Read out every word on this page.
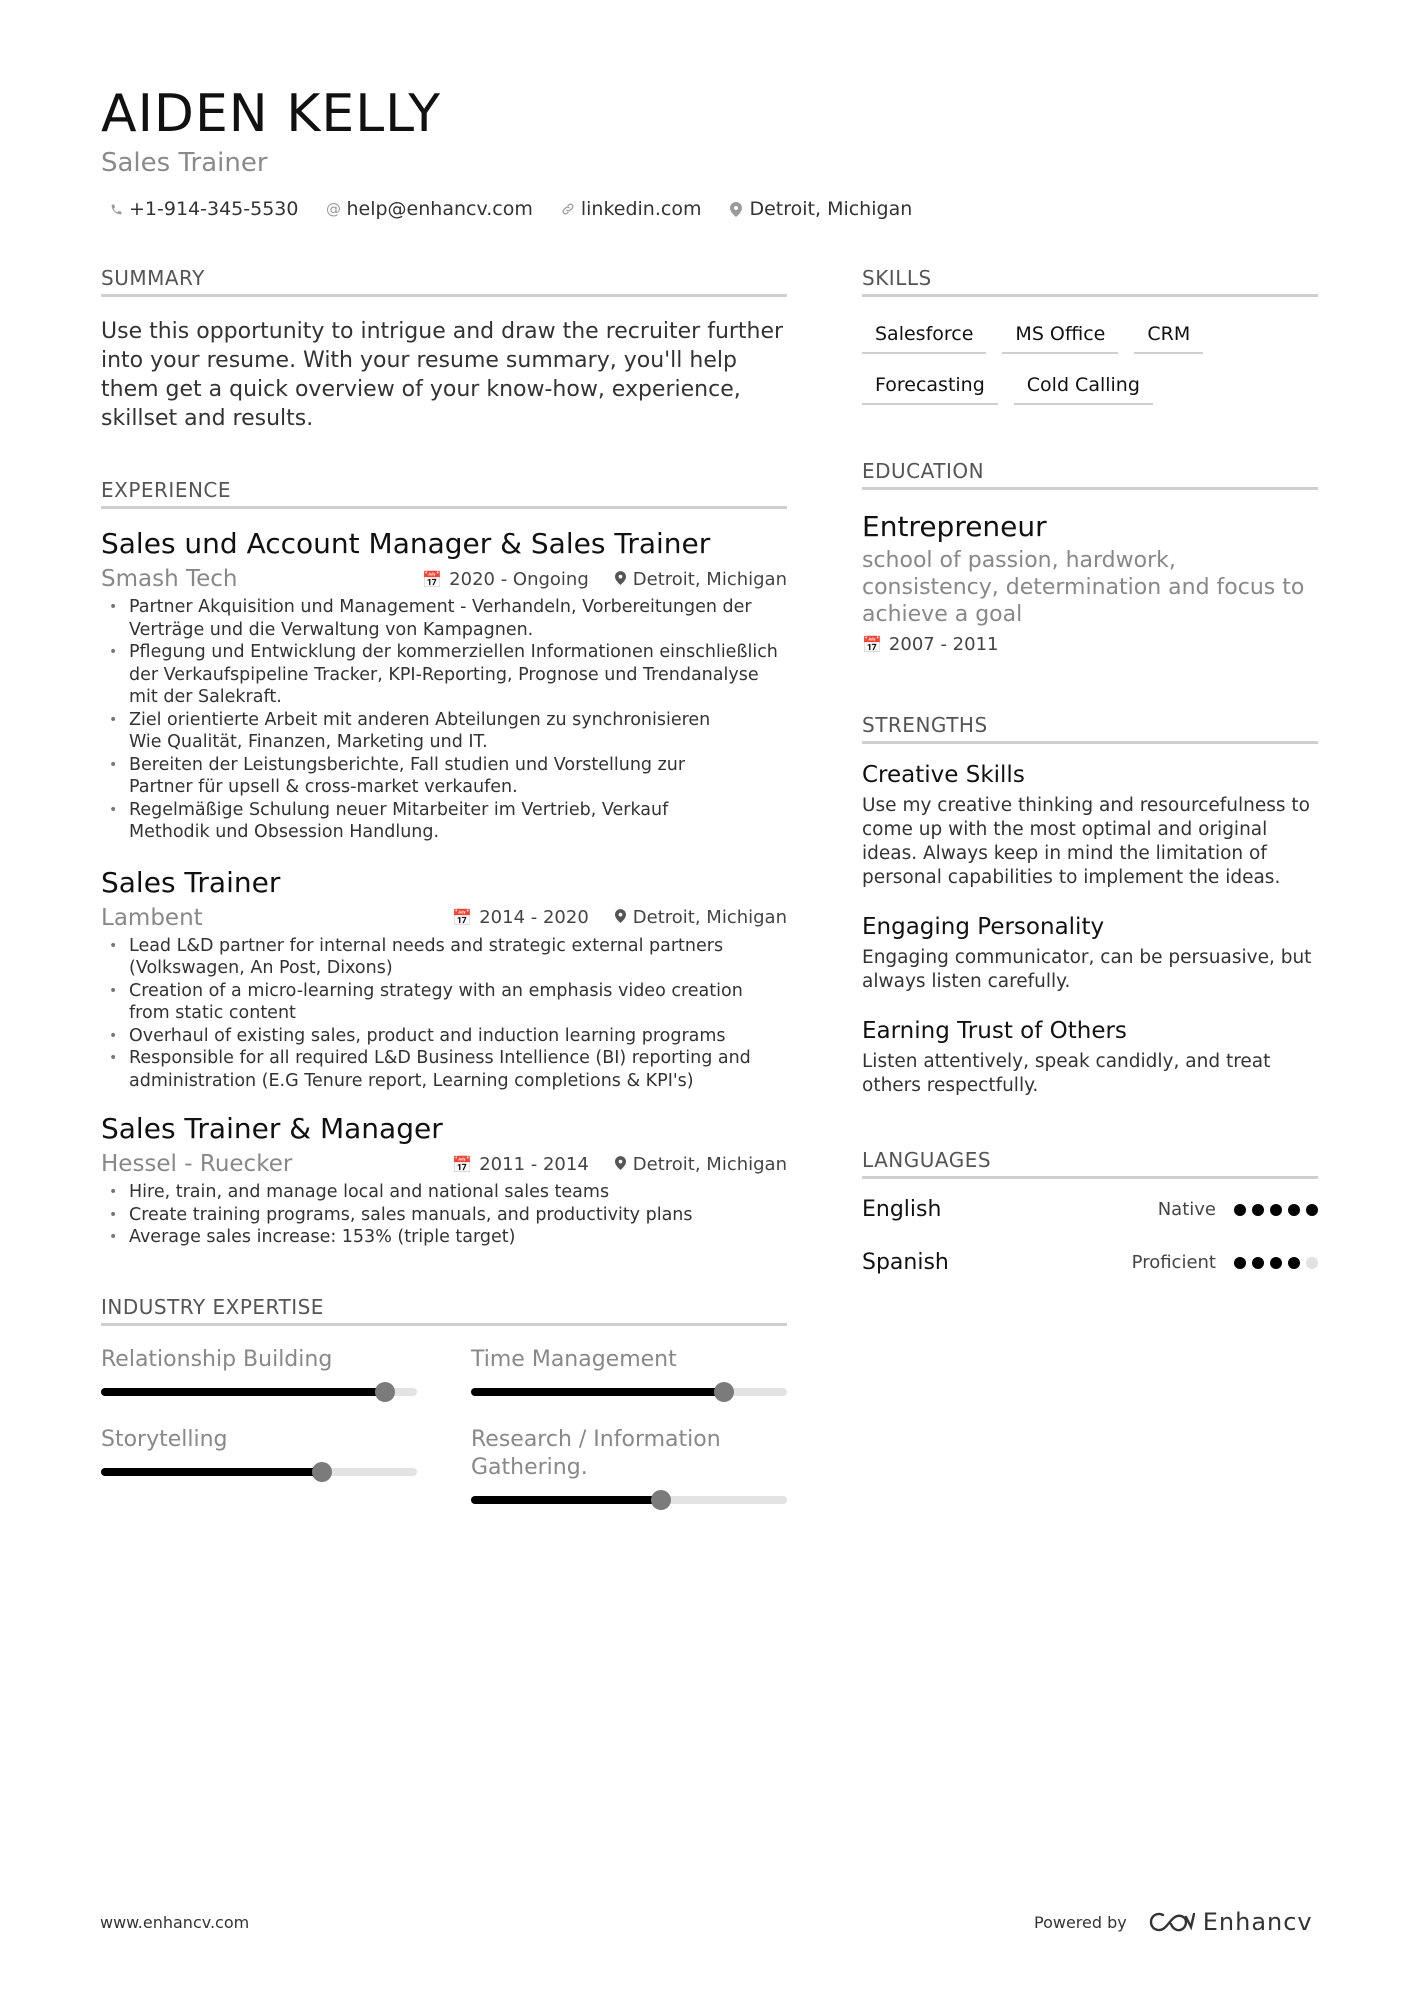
AIDEN KELLY
Sales Trainer
+1-914-345-5530 @ help@enhancv.com	linkedin.com	Detroit, Michigan
SUMMARY
Use this opportunity to intrigue and draw the recruiter further into your resume. With your resume summary, you'll help them get a quick overview of your know-how, experience, skillset and results.
EXPERIENCE
Sales und Account Manager & Sales Trainer
Smash Tech	📅 2020 - Ongoing Detroit, Michigan
• Partner Akquisition und Management - Verhandeln, Vorbereitungen der Verträge und die Verwaltung von Kampagnen.
• Pflegung und Entwicklung der kommerziellen Informationen einschließlich der Verkaufspipeline Tracker, KPI-Reporting, Prognose und Trendanalyse mit der Salekraft.
• Ziel orientierte Arbeit mit anderen Abteilungen zu synchronisieren
Wie Qualität, Finanzen, Marketing und IT.
• Bereiten der Leistungsberichte, Fall studien und Vorstellung zur
Partner für upsell & cross-market verkaufen.
• Regelmäßige Schulung neuer Mitarbeiter im Vertrieb, Verkauf
Methodik und Obsession Handlung.
Sales Trainer
Lambent	📅 2014 - 2020 Detroit, Michigan
• Lead L&D partner for internal needs and strategic external partners (Volkswagen, An Post, Dixons)
• Creation of a micro-learning strategy with an emphasis video creation from static content
• Overhaul of existing sales, product and induction learning programs
• Responsible for all required L&D Business Intellience (BI) reporting and administration (E.G Tenure report, Learning completions & KPI's)
Sales Trainer & Manager
Hessel - Ruecker	📅 2011 - 2014 Detroit, Michigan
• Hire, train, and manage local and national sales teams
• Create training programs, sales manuals, and productivity plans
• Average sales increase: 153% (triple target)
INDUSTRY EXPERTISE
Relationship Building	Time Management
Storytelling	Research / Information Gathering.
SKILLS
Salesforce	MS Office	CRM
Forecasting	Cold Calling
EDUCATION
Entrepreneur
school of passion, hardwork, consistency, determination and focus to achieve a goal
📅 2007 - 2011
STRENGTHS
Creative Skills
Use my creative thinking and resourcefulness to come up with the most optimal and original ideas. Always keep in mind the limitation of personal capabilities to implement the ideas.
Engaging Personality
Engaging communicator, can be persuasive, but always listen carefully.
Earning Trust of Others
Listen attentively, speak candidly, and treat others respectfully.
LANGUAGES
English	Native
Spanish	Proficient
www.enhancv.com	Powered by	Enhancv
